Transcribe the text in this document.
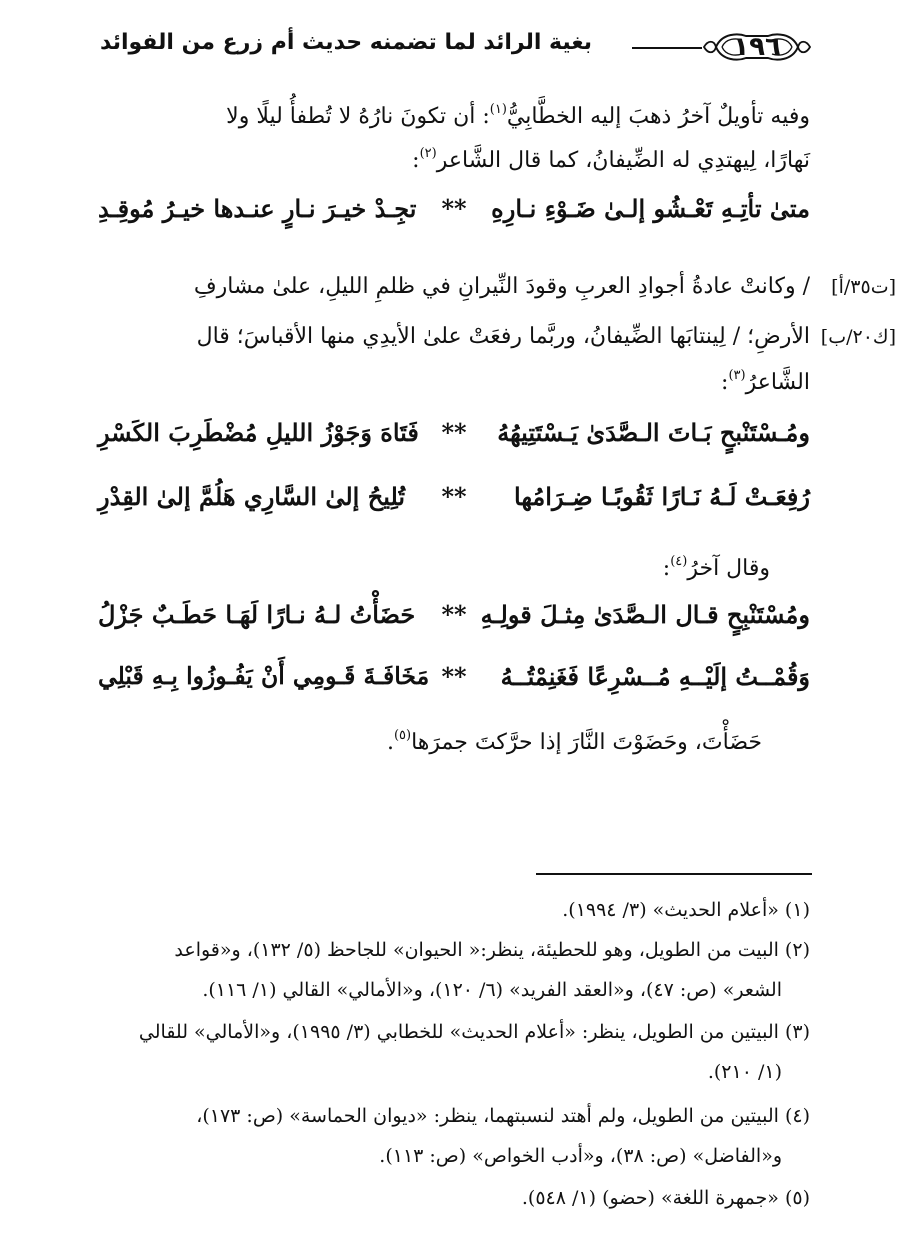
١٩٦
بغية الرائد لما تضمنه حديث أم زرع من الفوائد
وفيه تأويلٌ آخرُ ذهبَ إليه الخطَّابِيُّ$^{(١)}$: أن تكونَ نارُهُ لا تُطفأُ ليلًا ولا
نَهارًا، لِيهتدِي له الضِّيفانُ، كما قال الشَّاعر$^{(٢)}$:
متىٰ تأتِـهِ تَعْـشُو إلـىٰ ضَـوْءِ نـارِهِ
**
تجِـدْ خيـرَ نـارٍ عنـدها خيـرُ مُوقِـدِ
[ت٣٥/أ]
/ وكانتْ عادةُ أجوادِ العربِ وقودَ النِّيرانِ في ظلمِ الليلِ، علىٰ مشارفِ
[ك٢٠/ب]
الأرضِ؛ / لِينتابَها الضِّيفانُ، وربَّما رفعَتْ علىٰ الأيدِي منها الأقباسَ؛ قال
الشَّاعرُ$^{(٣)}$:
ومُـسْتَنْبحٍ بَـاتَ الـصَّدَىٰ يَـسْتَتِيهُهُ
**
فَتَاهَ وَجَوْزُ الليلِ مُضْطَرِبَ الكَسْرِ
رُفِعَـتْ لَـهُ نَـارًا ثَقُوبًـا ضِـرَامُها
**
تُلِيحُ إلىٰ السَّارِي هَلُمَّ إلىٰ القِدْرِ
وقال آخرُ$^{(٤)}$:
ومُسْتَنْبِحٍ قـال الـصَّدَىٰ مِثـلَ قولِـهِ
**
حَضَأْتُ لـهُ نـارًا لَهَـا حَطَـبٌ جَزْلُ
وَقُمْــتُ إلَيْــهِ مُــسْرِعًا فَغَنِمْتُــهُ
**
مَخَافَـةَ قَـومِي أَنْ يَفُـوزُوا بِـهِ قَبْلِي
حَضَأْتَ، وحَضَوْتَ النَّارَ إذا حرَّكتَ جمرَها$^{(٥)}$.
(١) «أعلام الحديث» (٣/ ١٩٩٤).
(٢) البيت من الطويل، وهو للحطيئة، ينظر:« الحيوان» للجاحظ (٥/ ١٣٢)، و«قواعد
الشعر» (ص: ٤٧)، و«العقد الفريد» (٦/ ١٢٠)، و«الأمالي» القالي (١/ ١١٦).
(٣) البيتين من الطويل، ينظر: «أعلام الحديث» للخطابي (٣/ ١٩٩٥)، و«الأمالي» للقالي
(١/ ٢١٠).
(٤) البيتين من الطويل، ولم أهتد لنسبتهما، ينظر: «ديوان الحماسة» (ص: ١٧٣)،
و«الفاضل» (ص: ٣٨)، و«أدب الخواص» (ص: ١١٣).
(٥) «جمهرة اللغة» (حضو) (١/ ٥٤٨).
